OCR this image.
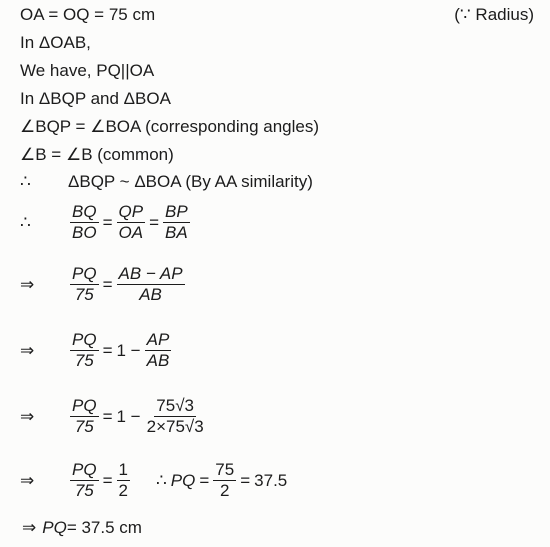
OA = OQ = 75 cm	(∵ Radius)
In ΔOAB,
We have, PQ||OA
In ΔBQP and ΔBOA
∠BQP = ∠BOA (corresponding angles)
∠B = ∠B (common)
∴	ΔBQP ~ ΔBOA (By AA similarity)
∴	$\frac{BQ}{BO} = \frac{QP}{OA} = \frac{BP}{BA}$
⇒	$\frac{PQ}{75} = \frac{AB - AP}{AB}$
⇒	$\frac{PQ}{75} = 1 - \frac{AP}{AB}$
⇒	$\frac{PQ}{75} = 1 - \frac{75√3}{2\times 75√3}$
⇒	$\frac{PQ}{75} = \frac{1}{2}$ ∴ PQ = $\frac{75}{2} = 37.5$
⇒ PQ = 37.5 cm
